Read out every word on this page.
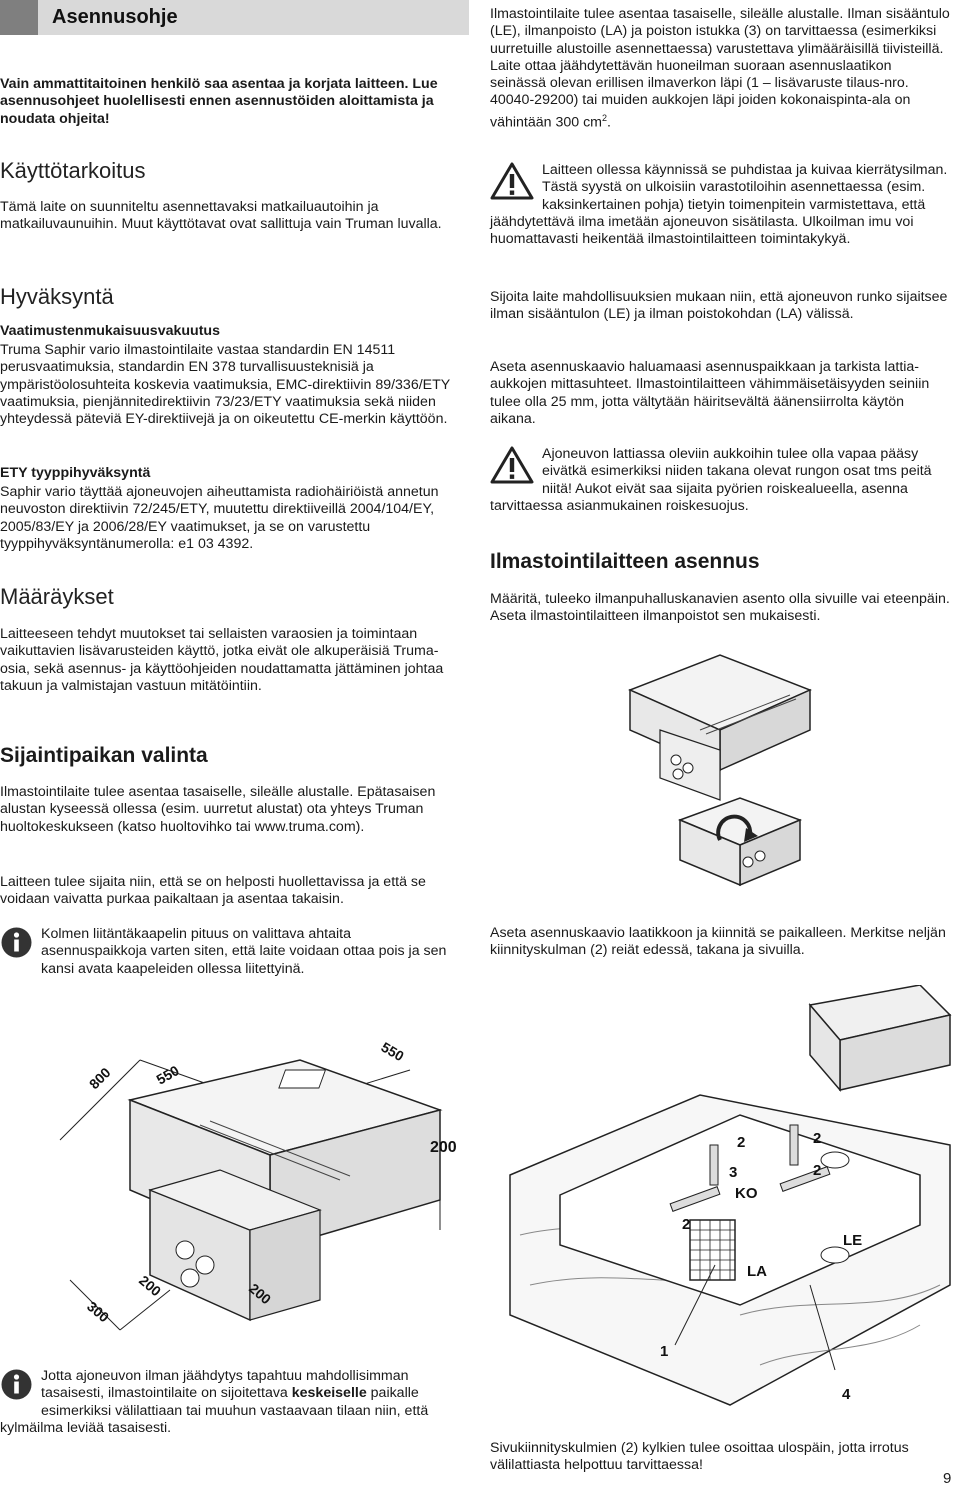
Asennusohje

Vain ammattitaitoinen henkilö saa asentaa ja korjata laitteen. Lue asennusohjeet huolellisesti ennen asennustöiden aloittamista ja noudata ohjeita!

Käyttötarkoitus

Tämä laite on suunniteltu asennettavaksi matkailuautoihin ja matkailuvaunuihin. Muut käyttötavat ovat sallittuja vain Truman luvalla.

Hyväksyntä

Vaatimustenmukaisuusvakuutus

Truma Saphir vario ilmastointilaite vastaa standardin EN 14511 perusvaatimuksia, standardin EN 378 turvallisuusteknisiä ja ympäristöolosuhteita koskevia vaatimuksia, EMC-direktiivin 89/336/ETY vaatimuksia, pienjännitedirektiivin 73/23/ETY vaatimuksia sekä niiden yhteydessä päteviä EY-direktiivejä ja on oikeutettu CE-merkin käyttöön.

ETY tyyppihyväksyntä

Saphir vario täyttää ajoneuvojen aiheuttamista radiohäiriöistä annetun neuvoston direktiivin 72/245/ETY, muutettu direktiiveillä 2004/104/EY, 2005/83/EY ja 2006/28/EY vaatimukset, ja se on varustettu tyyppihyväksyntänumerolla: e1 03 4392.

Määräykset

Laitteeseen tehdyt muutokset tai sellaisten varaosien ja toimintaan vaikuttavien lisävarusteiden käyttö, jotka eivät ole alkuperäisiä Truma-osia, sekä asennus- ja käyttöohjeiden noudattamatta jättäminen johtaa takuun ja valmistajan vastuun mitätöintiin.

Sijaintipaikan valinta

Ilmastointilaite tulee asentaa tasaiselle, sileälle alustalle. Epätasaisen alustan kyseessä ollessa (esim. uurretut alustat) ota yhteys Truman huoltokeskukseen (katso huoltovihko tai www.truma.com).

Laitteen tulee sijaita niin, että se on helposti huollettavissa ja että se voidaan vaivatta purkaa paikaltaan ja asentaa takaisin.

Kolmen liitäntäkaapelin pituus on valittava ahtaita asennuspaikkoja varten siten, että laite voidaan ottaa pois ja sen kansi avata kaapeleiden ollessa liitettyinä.

800	550
550
200
200	200
300

Jotta ajoneuvon ilman jäähdytys tapahtuu mahdollisimman tasaisesti, ilmastointilaite on sijoitettava keskeiselle paikalle esimerkiksi välilattiaan tai muuhun vastaavaan tilaan niin, että kylmäilma leviää tasaisesti.

Ilmastointilaite tulee asentaa tasaiselle, sileälle alustalle. Ilman sisääntulo (LE), ilmanpoisto (LA) ja poiston istukka (3) on tarvittaessa (esimerkiksi uurretuille alustoille asennettaessa) varustettava ylimääräisillä tiivisteillä. Laite ottaa jäähdytettävän huoneilman suoraan asennuslaatikon seinässä olevan erillisen ilmaverkon läpi (1 – lisävaruste tilaus-nro. 40040-29200) tai muiden aukkojen läpi joiden kokonaispinta-ala on vähintään 300 $cm^2$.

Laitteen ollessa käynnissä se puhdistaa ja kuivaa kierrätysilman. Tästä syystä on ulkoisiin varastotiloihin asennettaessa (esim. kaksinkertainen pohja) tietyin toimenpitein varmistettava, että jäähdytettävä ilma imetään ajoneuvon sisätilasta. Ulkoilman imu voi huomattavasti heikentää ilmastointilaitteen toimintakykyä.

Sijoita laite mahdollisuuksien mukaan niin, että ajoneuvon runko sijaitsee ilman sisääntulon (LE) ja ilman poistokohdan (LA) välissä.

Aseta asennuskaavio haluamaasi asennuspaikkaan ja tarkista lattia-aukkojen mittasuhteet. Ilmastointilaitteen vähimmäisetäisyyden seiniin tulee olla 25 mm, jotta vältytään häiritsevältä äänensiirrolta käytön aikana.

Ajoneuvon lattiassa oleviin aukkoihin tulee olla vapaa pääsy eivätkä esimerkiksi niiden takana olevat rungon osat tms peitä niitä! Aukot eivät saa sijaita pyörien roiskealueella, asenna tarvittaessa asianmukainen roiskesuojus.

Ilmastointilaitteen asennus

Määritä, tuleeko ilmanpuhalluskanavien asento olla sivuille vai eteenpäin. Aseta ilmastointilaitteen ilmanpoistot sen mukaisesti.

Aseta asennuskaavio laatikkoon ja kiinnitä se paikalleen. Merkitse neljän kiinnityskulman (2) reiät edessä, takana ja sivuilla.

2	2
2
2
3
KO
LE
LA
1
4

Sivukiinnityskulmien (2) kylkien tulee osoittaa ulospäin, jotta irrotus välilattiasta helpottuu tarvittaessa!

9
